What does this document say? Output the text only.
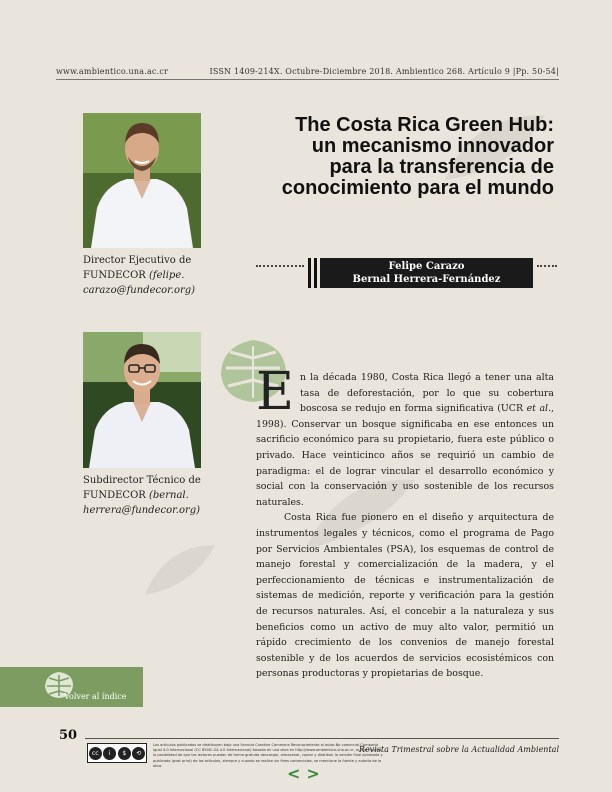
www.ambientico.una.ac.cr	ISSN 1409-214X. Octubre-Diciembre 2018. Ambientico 268. Artículo 9 |Pp. 50-54|
Director Ejecutivo de
FUNDECOR (felipe.
carazo@fundecor.org)
Subdirector Técnico de
FUNDECOR (bernal.
herrera@fundecor.org)
The Costa Rica Green Hub:
un mecanismo innovador
para la transferencia de
conocimiento para el mundo
Felipe Carazo
Bernal Herrera-Fernández

En la década 1980, Costa Rica llegó a tener una alta tasa de deforestación, por lo que su cobertura boscosa se redujo en forma significativa (UCR et al., 1998). Conservar un bosque significaba en ese entonces un sacrificio económico para su propietario, fuera este público o privado. Hace veinticinco años se requirió un cambio de paradigma: el de lograr vincular el desarrollo económico y social con la conservación y uso sostenible de los recursos naturales.

Costa Rica fue pionero en el diseño y arquitectura de instrumentos legales y técnicos, como el programa de Pago por Servicios Ambientales (PSA), los esquemas de control de manejo forestal y comercialización de la madera, y el perfeccionamiento de técnicas e instrumentalización de sistemas de medición, reporte y verificación para la gestión de recursos naturales. Así, el concebir a la naturaleza y sus beneficios como un activo de muy alto valor, permitió un rápido crecimiento de los convenios de manejo forestal sostenible y de los acuerdos de servicios ecosistémicos con personas productoras y propietarias de bosque.

Volver al índice
50
cc	i	$	⟲
Los artículos publicados se distribuyen bajo una licencia Creative Commons Reconocimiento al autor-No comercial-Compartir igual 4.0 Internacional (CC BY-NC-SA 4.0 Internacional) basada en una obra en http://www.ambientico.una.ac.cr, lo que implica la posibilidad de que los lectores puedan de forma gratuita descargar, almacenar, copiar y distribuir la versión final aprobada y publicada (post print) de los artículos, siempre y cuando se realice sin fines comerciales, se mencione la fuente y autoría de la obra.
Revista Trimestral sobre la Actualidad Ambiental
<>
